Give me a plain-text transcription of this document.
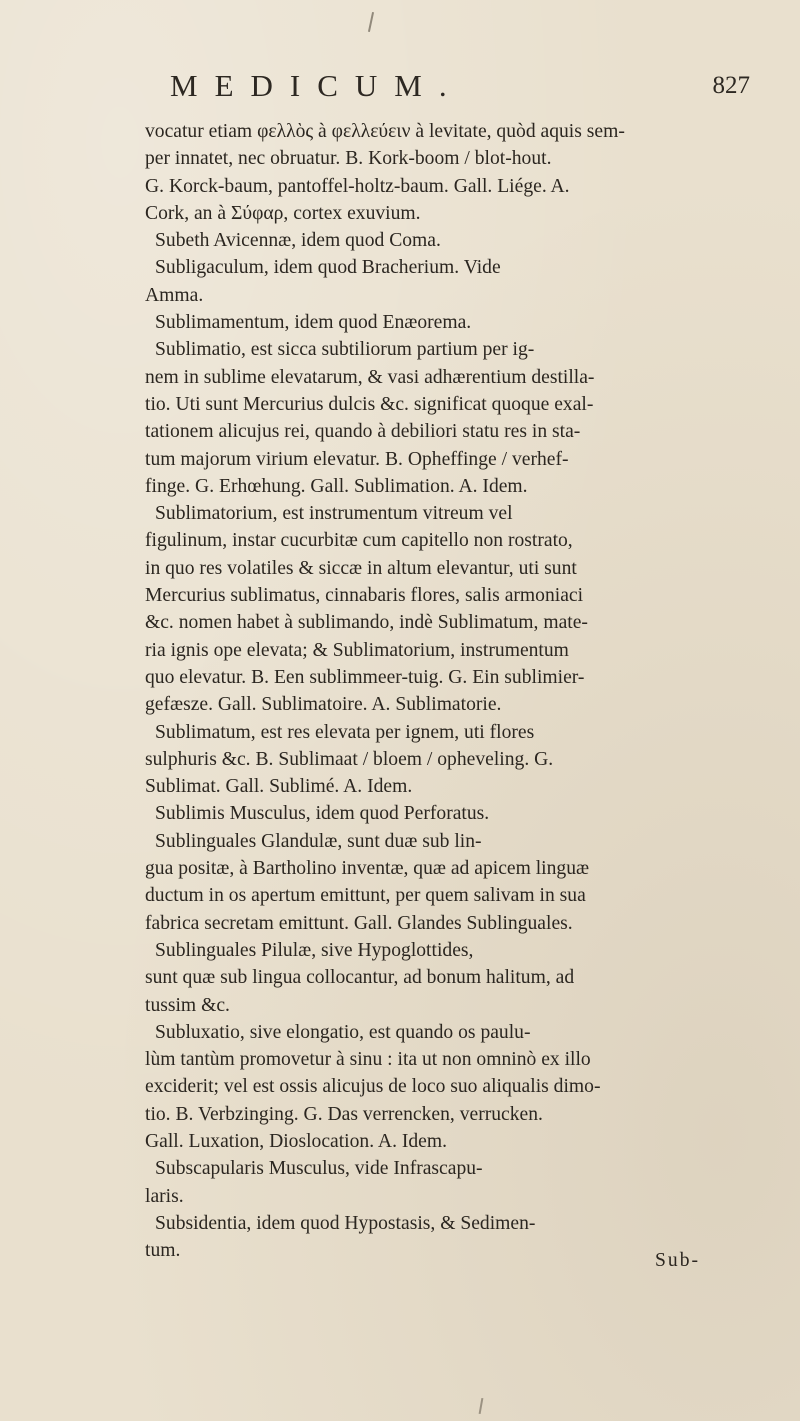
MEDICUM.	827
vocatur etiam φελλὸς à φελλεύειν à levitate, quòd aquis sem-
per innatet, nec obruatur. B. Kork-boom / blot-hout.
G. Korck-baum, pantoffel-holtz-baum. Gall. Liége. A.
Cork, an à Σύφαρ, cortex exuvium.
Subeth Avicennæ, idem quod Coma.
Subligaculum, idem quod Bracherium. Vide
Amma.
Sublimamentum, idem quod Enæorema.
Sublimatio, est sicca subtiliorum partium per ig-
nem in sublime elevatarum, & vasi adhærentium destilla-
tio. Uti sunt Mercurius dulcis &c. significat quoque exal-
tationem alicujus rei, quando à debiliori statu res in sta-
tum majorum virium elevatur. B. Opheffinge / verhef-
finge. G. Erhœhung. Gall. Sublimation. A. Idem.
Sublimatorium, est instrumentum vitreum vel
figulinum, instar cucurbitæ cum capitello non rostrato,
in quo res volatiles & siccæ in altum elevantur, uti sunt
Mercurius sublimatus, cinnabaris flores, salis armoniaci
&c. nomen habet à sublimando, indè Sublimatum, mate-
ria ignis ope elevata; & Sublimatorium, instrumentum
quo elevatur. B. Een sublimmeer-tuig. G. Ein sublimier-
gefæsze. Gall. Sublimatoire. A. Sublimatorie.
Sublimatum, est res elevata per ignem, uti flores
sulphuris &c. B. Sublimaat / bloem / opheveling. G.
Sublimat. Gall. Sublimé. A. Idem.
Sublimis Musculus, idem quod Perforatus.
Sublinguales Glandulæ, sunt duæ sub lin-
gua positæ, à Bartholino inventæ, quæ ad apicem linguæ
ductum in os apertum emittunt, per quem salivam in sua
fabrica secretam emittunt. Gall. Glandes Sublinguales.
Sublinguales Pilulæ, sive Hypoglottides,
sunt quæ sub lingua collocantur, ad bonum halitum, ad
tussim &c.
Subluxatio, sive elongatio, est quando os paulu-
lùm tantùm promovetur à sinu : ita ut non omninò ex illo
exciderit; vel est ossis alicujus de loco suo aliqualis dimo-
tio. B. Verbzinging. G. Das verrencken, verrucken.
Gall. Luxation, Dioslocation. A. Idem.
Subscapularis Musculus, vide Infrascapu-
laris.
Subsidentia, idem quod Hypostasis, & Sedimen-
tum.	Sub-
